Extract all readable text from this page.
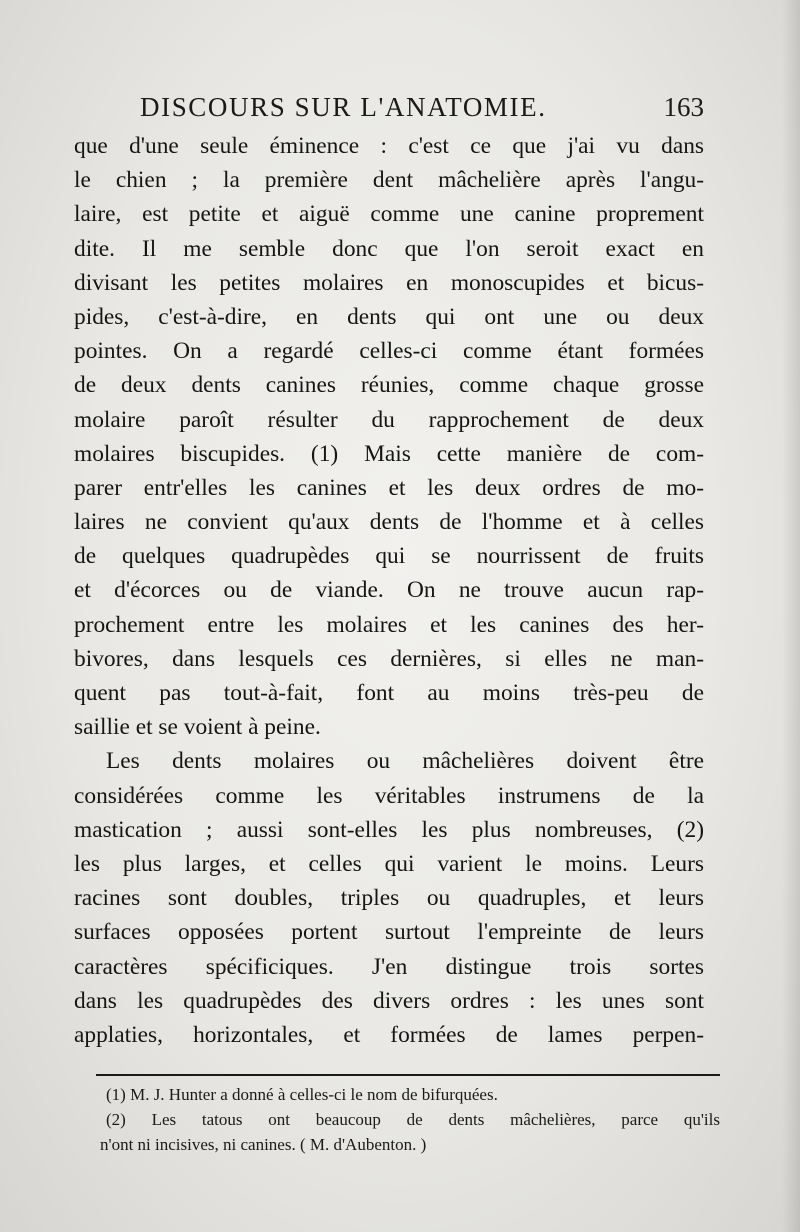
DISCOURS SUR L'ANATOMIE.	163
que d'une seule éminence : c'est ce que j'ai vu dans
le chien ; la première dent mâchelière après l'angu-
laire, est petite et aiguë comme une canine proprement
dite. Il me semble donc que l'on seroit exact en
divisant les petites molaires en monoscupides et bicus-
pides, c'est-à-dire, en dents qui ont une ou deux
pointes. On a regardé celles-ci comme étant formées
de deux dents canines réunies, comme chaque grosse
molaire paroît résulter du rapprochement de deux
molaires biscupides. (1) Mais cette manière de com-
parer entr'elles les canines et les deux ordres de mo-
laires ne convient qu'aux dents de l'homme et à celles
de quelques quadrupèdes qui se nourrissent de fruits
et d'écorces ou de viande. On ne trouve aucun rap-
prochement entre les molaires et les canines des her-
bivores, dans lesquels ces dernières, si elles ne man-
quent pas tout-à-fait, font au moins très-peu de
saillie et se voient à peine.
Les dents molaires ou mâchelières doivent être
considérées comme les véritables instrumens de la
mastication ; aussi sont-elles les plus nombreuses, (2)
les plus larges, et celles qui varient le moins. Leurs
racines sont doubles, triples ou quadruples, et leurs
surfaces opposées portent surtout l'empreinte de leurs
caractères spécificiques. J'en distingue trois sortes
dans les quadrupèdes des divers ordres : les unes sont
applaties, horizontales, et formées de lames perpen-
(1) M. J. Hunter a donné à celles-ci le nom de bifurquées.
(2) Les tatous ont beaucoup de dents mâchelières, parce qu'ils
n'ont ni incisives, ni canines. ( M. d'Aubenton. )
